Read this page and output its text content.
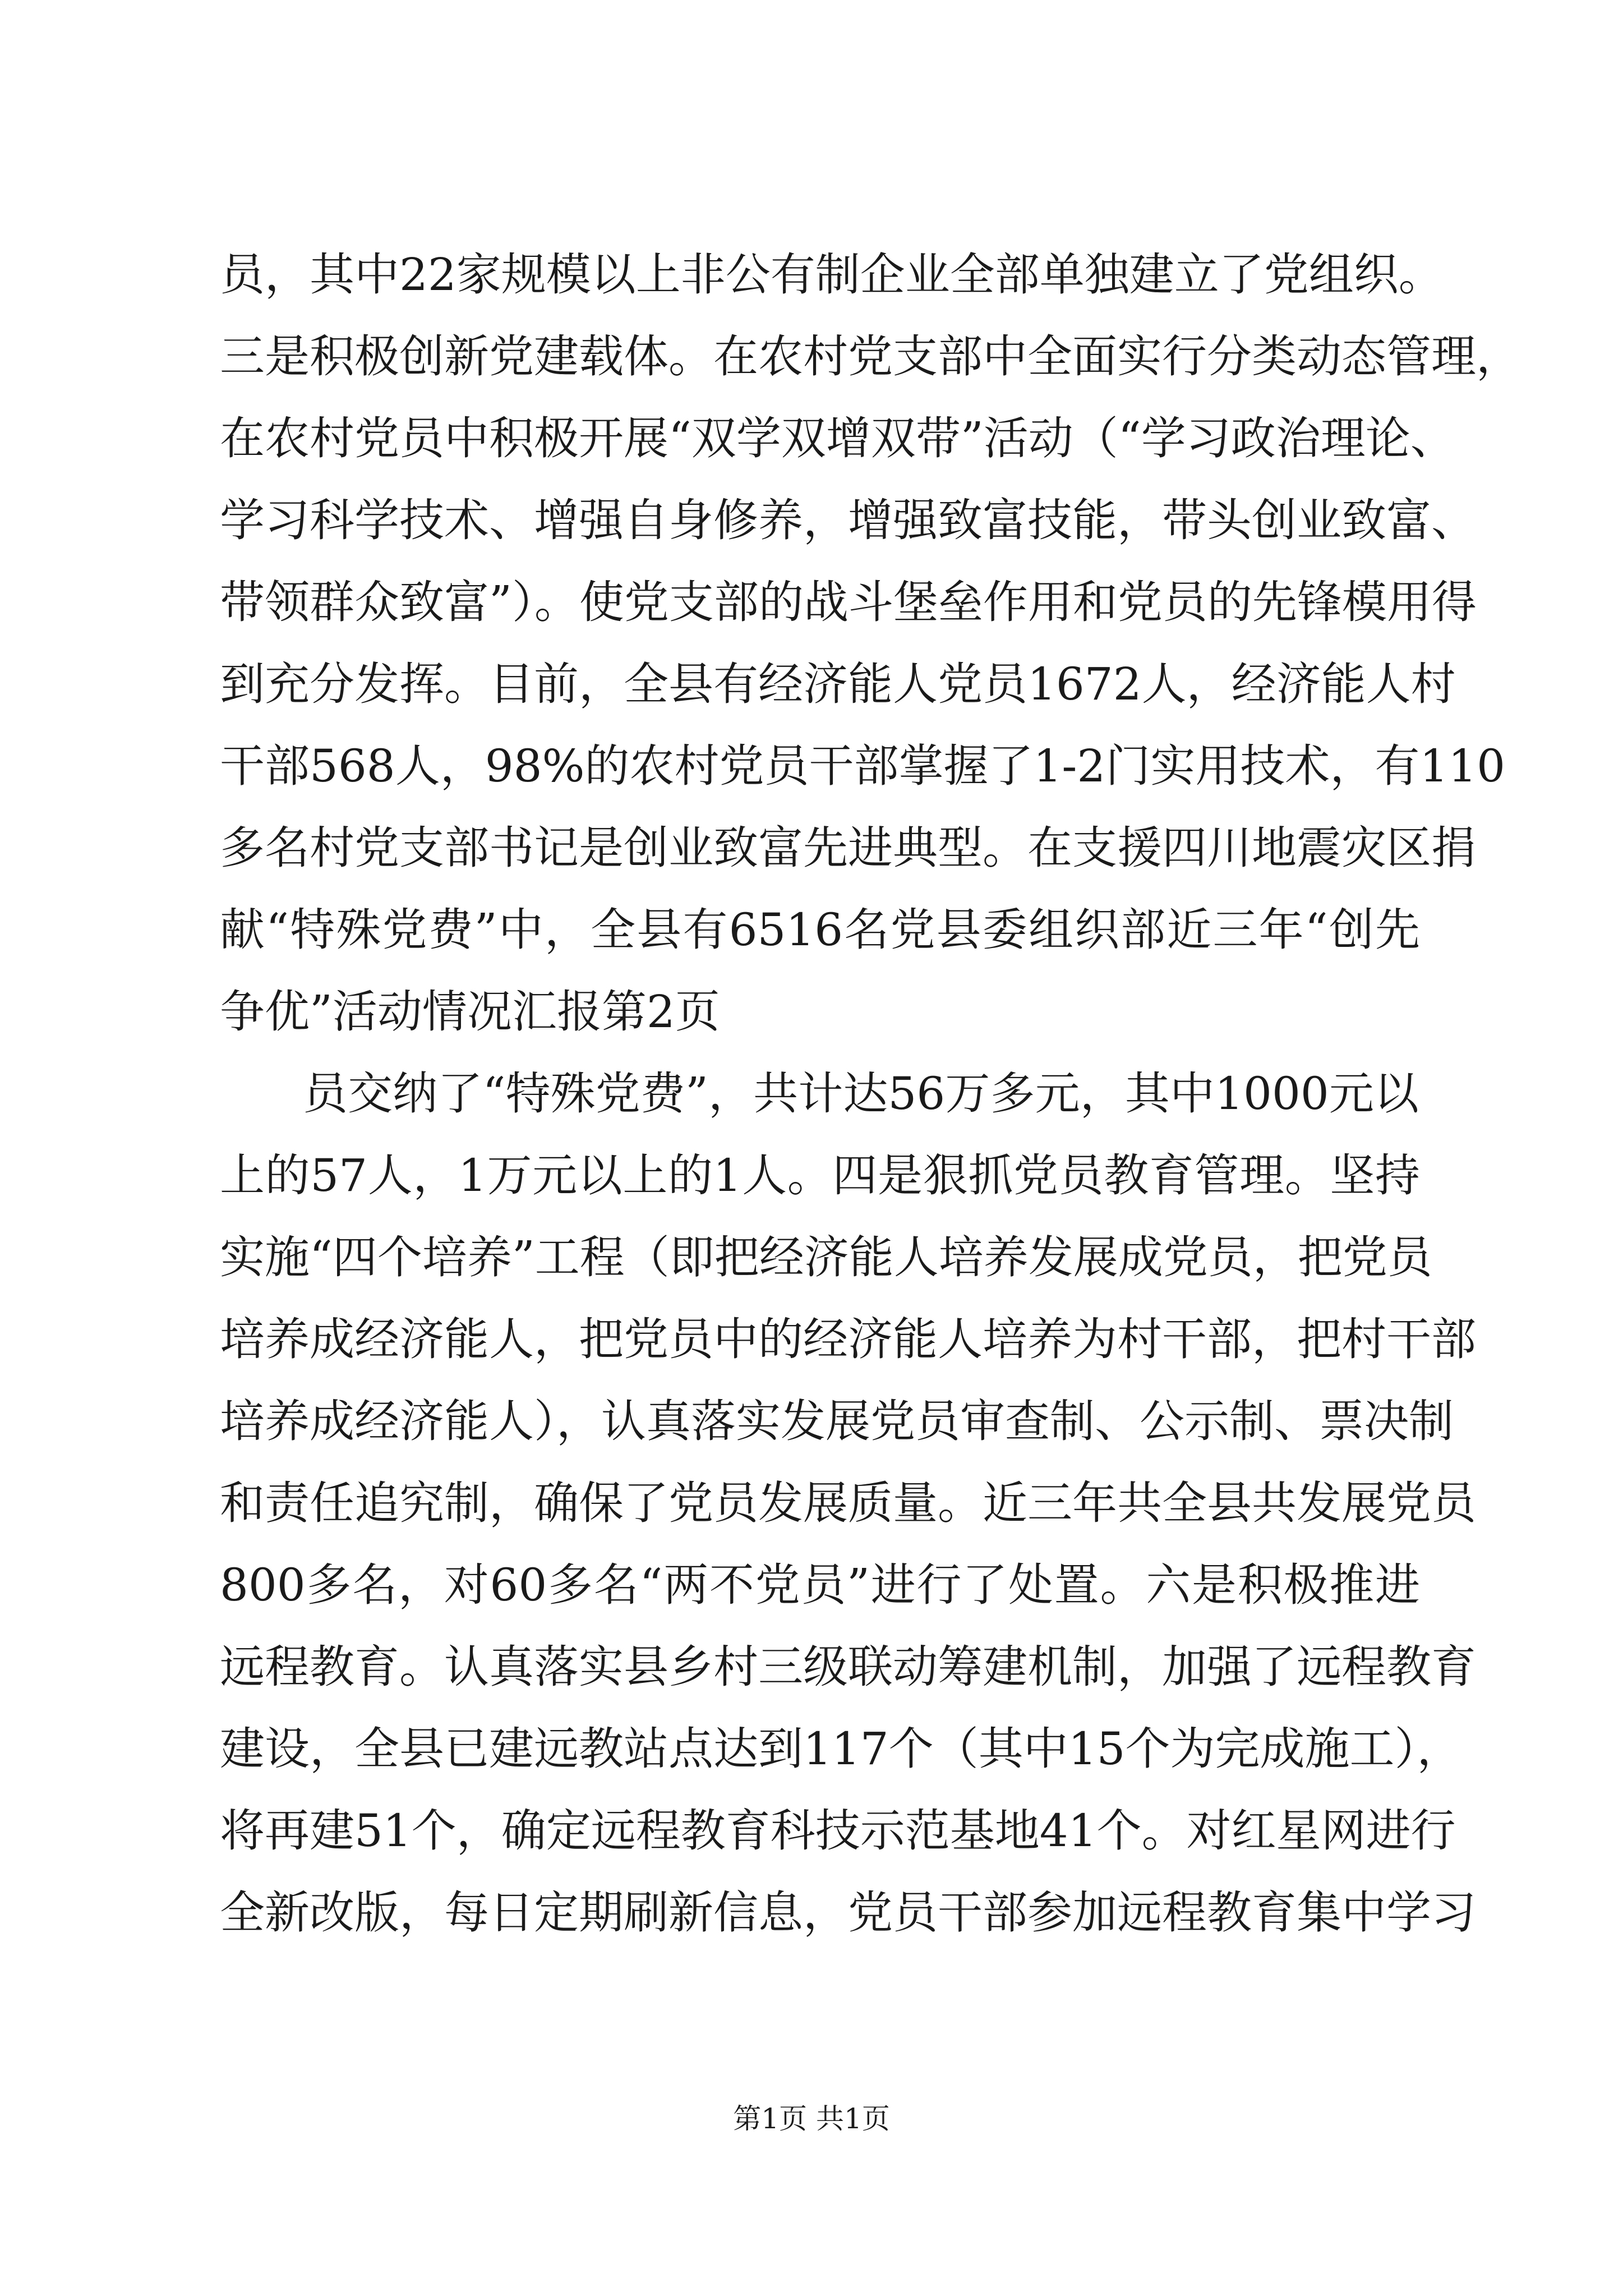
员，其中22家规模以上非公有制企业全部单独建立了党组织。
三是积极创新党建载体。在农村党支部中全面实行分类动态管理，
在农村党员中积极开展“双学双增双带”活动（“学习政治理论、
学习科学技术、增强自身修养，增强致富技能，带头创业致富、
带领群众致富”）。使党支部的战斗堡垒作用和党员的先锋模用得
到充分发挥。目前，全县有经济能人党员1672人，经济能人村
干部568人，98%的农村党员干部掌握了1-2门实用技术，有110
多名村党支部书记是创业致富先进典型。在支援四川地震灾区捐
献“特殊党费”中，全县有6516名党县委组织部近三年“创先
争优”活动情况汇报第2页
员交纳了“特殊党费”，共计达56万多元，其中1000元以
上的57人，1万元以上的1人。四是狠抓党员教育管理。坚持
实施“四个培养”工程（即把经济能人培养发展成党员，把党员
培养成经济能人，把党员中的经济能人培养为村干部，把村干部
培养成经济能人），认真落实发展党员审查制、公示制、票决制
和责任追究制，确保了党员发展质量。近三年共全县共发展党员
800多名，对60多名“两不党员”进行了处置。六是积极推进
远程教育。认真落实县乡村三级联动筹建机制，加强了远程教育
建设，全县已建远教站点达到117个（其中15个为完成施工），
将再建51个，确定远程教育科技示范基地41个。对红星网进行
全新改版，每日定期刷新信息，党员干部参加远程教育集中学习
第1页 共1页
